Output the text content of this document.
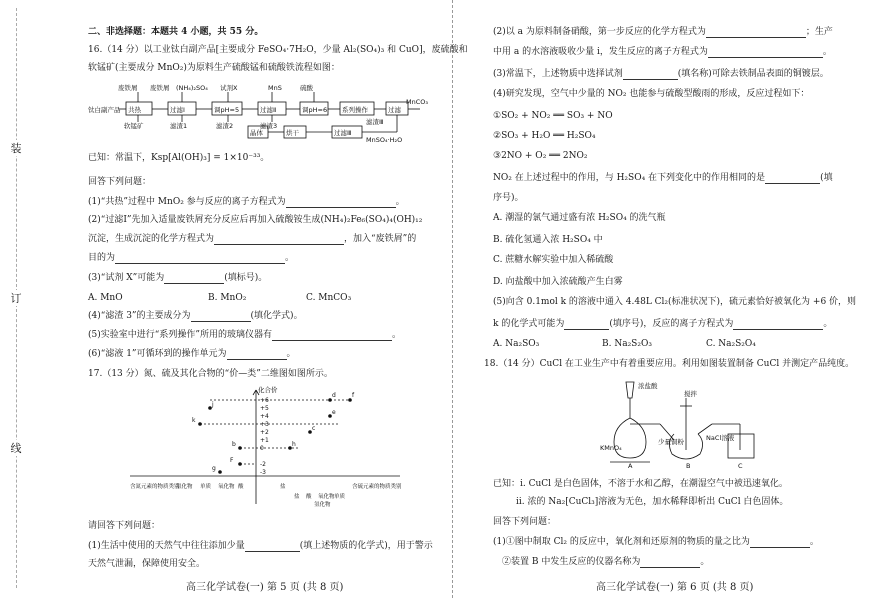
装
订
线
二、非选择题：本题共 4 小题，共 55 分。
16.（14 分）以工业钛白副产品[主要成分 FeSO₄·7H₂O，少量 Al₂(SO₄)₃ 和 CuO]，废硫酸和
软锰矿(主要成分 MnO₂)为原料生产硫酸锰和硫酸铁流程如图：
废铁屑 废铁屑 (NH₄)₂SO₄ 试剂X	MnS	硫酸
钛白副产品 共热	过滤Ⅰ	调pH=5	过滤Ⅱ	调pH=6 系列操作	过滤
过滤Ⅲ
晶体	烘干
软锰矿	滤渣1	滤渣2	滤渣3	滤渣Ⅲ
MnCO₃
MnSO₄·H₂O
已知：常温下，Ksp[Al(OH)₃] = 1×10⁻³³。
回答下列问题：
(1)“共热”过程中 MnO₂ 参与反应的离子方程式为	。
(2)“过滤Ⅰ”先加入适量废铁屑充分反应后再加入硫酸铵生成(NH₄)₂Fe₆(SO₄)₄(OH)₁₂
沉淀，生成沉淀的化学方程式为	，加入“废铁屑”的
目的为	。
(3)“试剂 X”可能为	(填标号)。
A. MnO	B. MnO₂	C. MnCO₃
(4)“滤渣 3”的主要成分为	(填化学式)。
(5)实验室中进行“系列操作”所用的玻璃仪器有	。
(6)“滤液 1”可循环到的操作单元为	。
17.（13 分）氮、硫及其化合物的“价—类”二维图如图所示。
化合价
+6
+5
+4
+3
+2
+1
0
-2
-3
f
d
j
k
e
c
b	h
F
g
含氮元素的物质类别
氢化物 单质 氧化物 酸	盐	含硫元素的物质类别
盐 酸 氧化物 单质
氢化物
请回答下列问题：
(1)生活中使用的天然气中往往添加少量	(填上述物质的化学式)，用于警示
天然气泄漏，保障使用安全。
高三化学试卷(一) 第 5 页 (共 8 页)
(2)以 a 为原料制备硝酸，第一步反应的化学方程式为	；生产
中用 a 的水溶液吸收少量 i，发生反应的离子方程式为	。
(3)常温下，上述物质中选择试剂	(填名称)可除去铁制品表面的铜镀层。
(4)研究发现，空气中少量的 NO₂ 也能参与硫酸型酸雨的形成，反应过程如下：
①SO₂ + NO₂ ══ SO₃ + NO
②SO₃ + H₂O ══ H₂SO₄
③2NO + O₂ ══ 2NO₂
NO₂ 在上述过程中的作用，与 H₂SO₄ 在下列变化中的作用相同的是	(填
序号)。
A. 潮湿的氯气通过盛有浓 H₂SO₄ 的洗气瓶
B. 硫化氢通入浓 H₂SO₄ 中
C. 蔗糖水解实验中加入稀硫酸
D. 向盐酸中加入浓硫酸产生白雾
(5)向含 0.1mol k 的溶液中通入 4.48L Cl₂(标准状况下)，硫元素恰好被氧化为 +6 价，则
k 的化学式可能为	(填序号)，反应的离子方程式为	。
A. Na₂SO₃	B. Na₂S₂O₃	C. Na₂S₂O₄
18.（14 分）CuCl 在工业生产中有着重要应用。利用如图装置制备 CuCl 并测定产品纯度。
浓盐酸
搅拌
KMnO₄
少量铜粉	NaCl溶液
A	B	C
已知：ⅰ. CuCl 是白色固体，不溶于水和乙醇，在潮湿空气中被迅速氧化。
ⅱ. 浓的 Na₂[CuCl₃]溶液为无色，加水稀释即析出 CuCl 白色固体。
回答下列问题：
(1)①图中制取 Cl₂ 的反应中，氧化剂和还原剂的物质的量之比为	。
②装置 B 中发生反应的仪器名称为	。
高三化学试卷(一) 第 6 页 (共 8 页)
